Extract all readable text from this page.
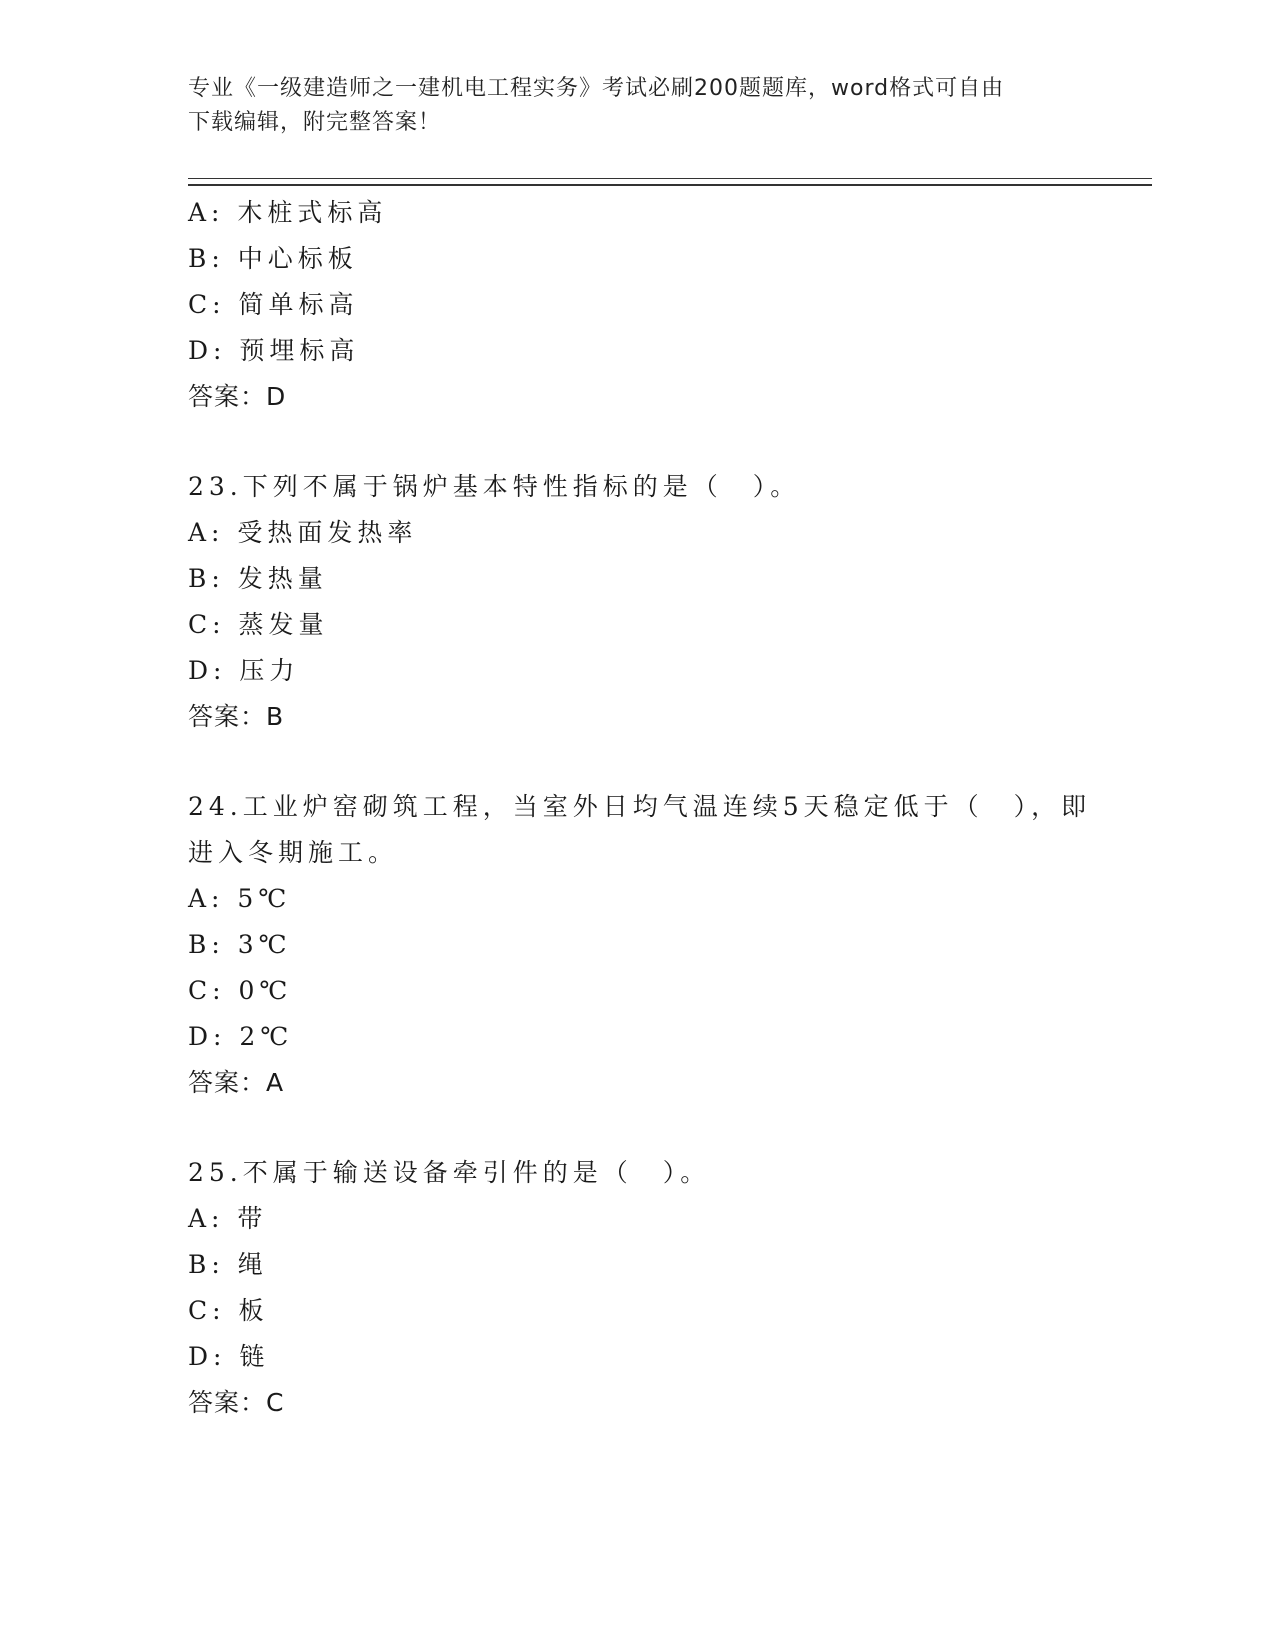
专业《一级建造师之一建机电工程实务》考试必刷200题题库，word格式可自由
下载编辑，附完整答案！
A: 木桩式标高
B: 中心标板
C: 简单标高
D: 预埋标高
答案：D
23.下列不属于锅炉基本特性指标的是（　）。
A: 受热面发热率
B: 发热量
C: 蒸发量
D: 压力
答案：B
24.工业炉窑砌筑工程，当室外日均气温连续5天稳定低于（　），即
进入冬期施工。
A: 5℃
B: 3℃
C: 0℃
D: 2℃
答案：A
25.不属于输送设备牵引件的是（　）。
A: 带
B: 绳
C: 板
D: 链
答案：C
